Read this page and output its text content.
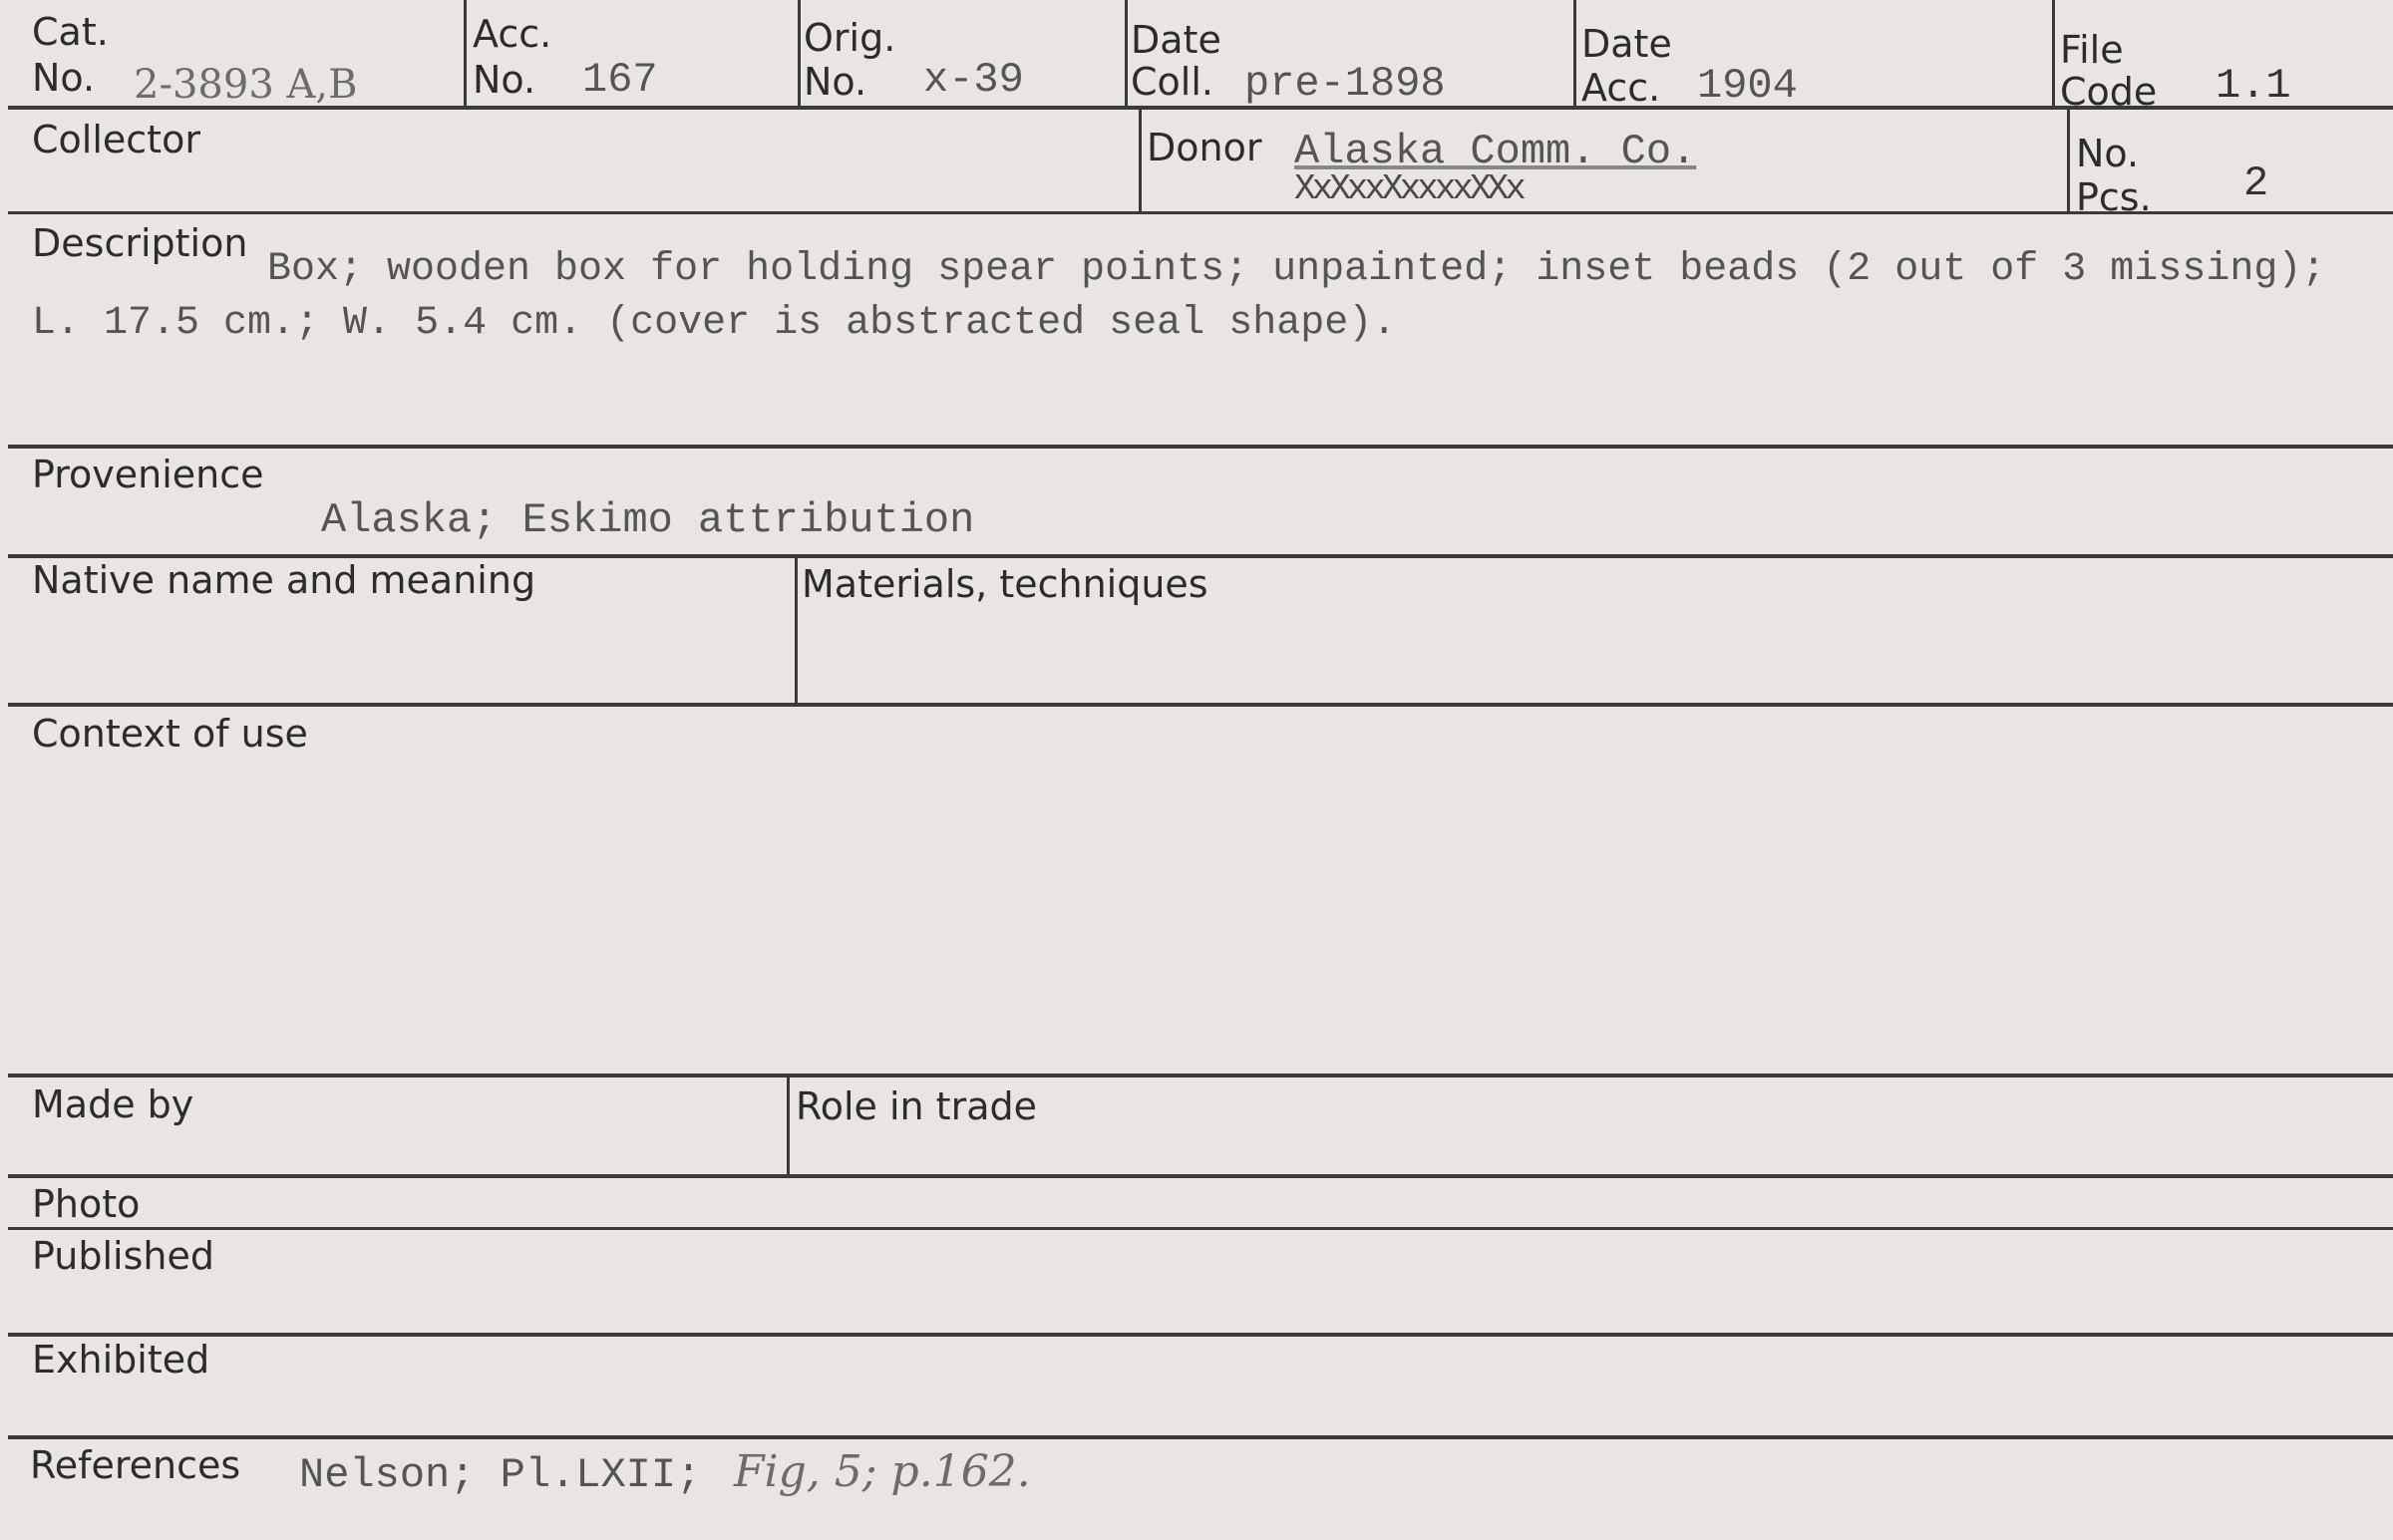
Cat.
No. 2-3893 A,B
Acc.
No. 167
Orig.
No. x-39
Date
Coll. pre-1898
Date
Acc. 1904
File
Code 1.1
Collector	Donor Alaska Comm. Co.
XxXxxXxxxxXXx
No.
Pcs. 2
Description
Box; wooden box for holding spear points; unpainted; inset beads (2 out of 3 missing); L. 17.5 cm.; W. 5.4 cm. (cover is abstracted seal shape).
Provenience
Alaska; Eskimo attribution
Native name and meaning	Materials, techniques
Context of use
Made by	Role in trade
Photo
Published
Exhibited
References Nelson; Pl.LXII; Fig, 5; p.162.
